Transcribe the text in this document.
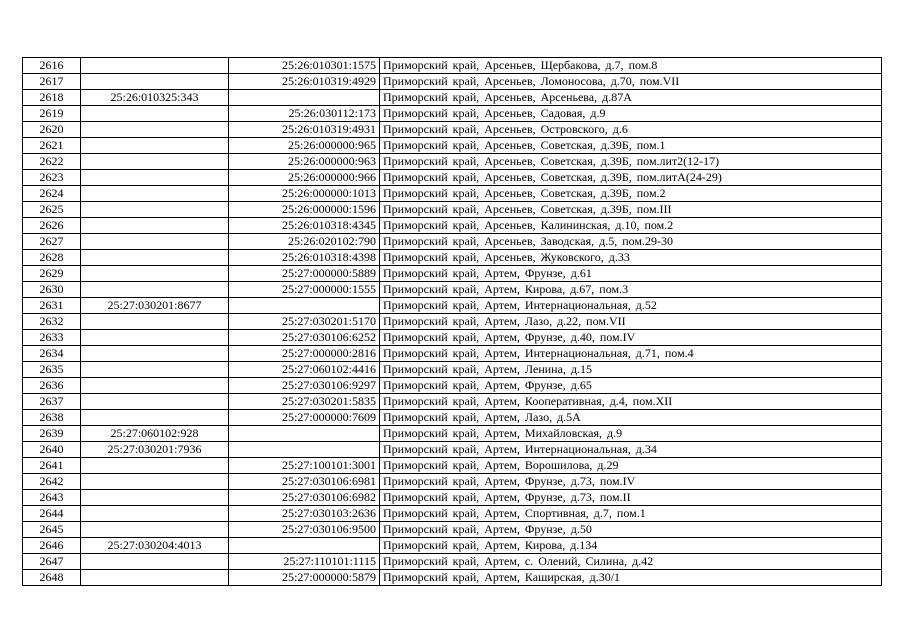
2616		25:26:010301:1575	Приморский край, Арсеньев, Щербакова, д.7, пом.8
2617		25:26:010319:4929	Приморский край, Арсеньев, Ломоносова, д.70, пом.VII
2618	25:26:010325:343		Приморский край, Арсеньев, Арсеньева, д.87А
2619		25:26:030112:173	Приморский край, Арсеньев, Садовая, д.9
2620		25:26:010319:4931	Приморский край, Арсеньев, Островского, д.6
2621		25:26:000000:965	Приморский край, Арсеньев, Советская, д.39Б, пом.1
2622		25:26:000000:963	Приморский край, Арсеньев, Советская, д.39Б, пом.лит2(12-17)
2623		25:26:000000:966	Приморский край, Арсеньев, Советская, д.39Б, пом.литА(24-29)
2624		25:26:000000:1013	Приморский край, Арсеньев, Советская, д.39Б, пом.2
2625		25:26:000000:1596	Приморский край, Арсеньев, Советская, д.39Б, пом.III
2626		25:26:010318:4345	Приморский край, Арсеньев, Калининская, д.10, пом.2
2627		25:26:020102:790	Приморский край, Арсеньев, Заводская, д.5, пом.29-30
2628		25:26:010318:4398	Приморский край, Арсеньев, Жуковского, д.33
2629		25:27:000000:5889	Приморский край, Артем, Фрунзе, д.61
2630		25:27:000000:1555	Приморский край, Артем, Кирова, д.67, пом.3
2631	25:27:030201:8677		Приморский край, Артем, Интернациональная, д.52
2632		25:27:030201:5170	Приморский край, Артем, Лазо, д.22, пом.VII
2633		25:27:030106:6252	Приморский край, Артем, Фрунзе, д.40, пом.IV
2634		25:27:000000:2816	Приморский край, Артем, Интернациональная, д.71, пом.4
2635		25:27:060102:4416	Приморский край, Артем, Ленина, д.15
2636		25:27:030106:9297	Приморский край, Артем, Фрунзе, д.65
2637		25:27:030201:5835	Приморский край, Артем, Кооперативная, д.4, пом.XII
2638		25:27:000000:7609	Приморский край, Артем, Лазо, д.5А
2639	25:27:060102:928		Приморский край, Артем, Михайловская, д.9
2640	25:27:030201:7936		Приморский край, Артем, Интернациональная, д.34
2641		25:27:100101:3001	Приморский край, Артем, Ворошилова, д.29
2642		25:27:030106:6981	Приморский край, Артем, Фрунзе, д.73, пом.IV
2643		25:27:030106:6982	Приморский край, Артем, Фрунзе, д.73, пом.II
2644		25:27:030103:2636	Приморский край, Артем, Спортивная, д.7, пом.1
2645		25:27:030106:9500	Приморский край, Артем, Фрунзе, д.50
2646	25:27:030204:4013		Приморский край, Артем, Кирова, д.134
2647		25:27:110101:1115	Приморский край, Артем, с. Олений, Силина, д.42
2648		25:27:000000:5879	Приморский край, Артем, Каширская, д.30/1
